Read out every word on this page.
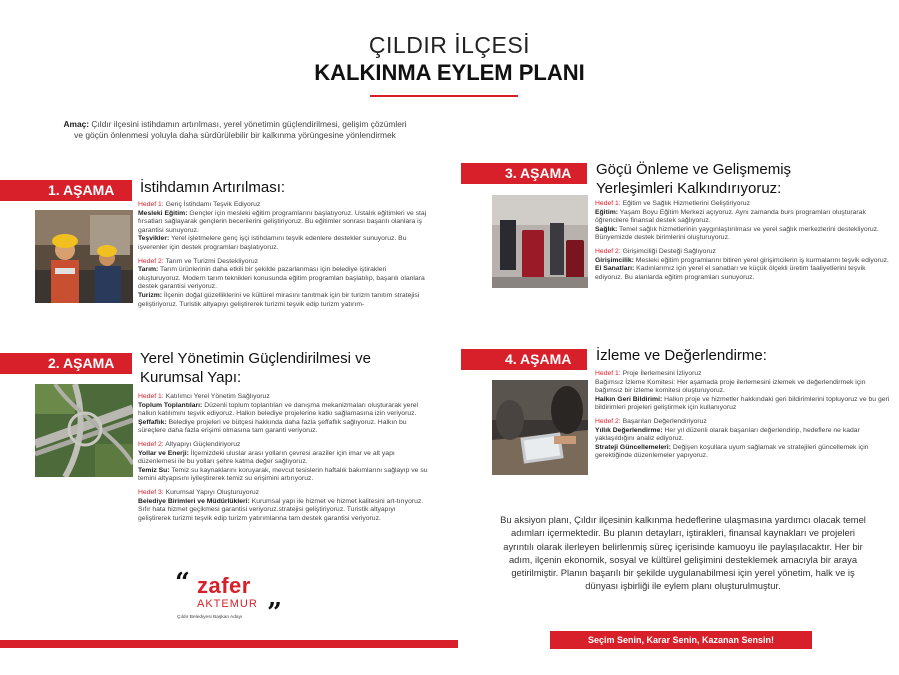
ÇILDIR İLÇESİ
KALKINMA EYLEM PLANI
Amaç: Çıldır ilçesini istihdamın artırılması, yerel yönetimin güçlendirilmesi, gelişim çözümleri
ve göçün önlenmesi yoluyla daha sürdürülebilir bir kalkınma yörüngesine yönlendirmek
1. AŞAMA	İstihdamın Artırılması:

Hedef 1: Genç İstihdamı Teşvik Ediyoruz
Mesleki Eğitim: Gençler için mesleki eğitim programlarını başlatıyoruz. Ustalık eğitimleri ve staj fırsatları sağlayarak gençlerin becerilerini geliştiriyoruz. Bu eğitimler sonrası başarılı olanlara iş garantisi sunuyoruz.
Teşvikler: Yerel işletmelere genç işçi istihdamını teşvik edenlere destekler sunuyoruz. Bu işverenler için destek programları başlatıyoruz.

Hedef 2: Tarım ve Turizmi Destekliyoruz
Tarım: Tarım ürünlerinin daha etkili bir şekilde pazarlanması için belediye iştirakleri oluşturuyoruz. Modern tarım teknikleri konusunda eğitim programları başlatılıp, başarılı olanlara destek garantisi veriyoruz.
Turizm: İlçenin doğal güzelliklerini ve kültürel mirasını tanıtmak için bir turizm tanıtım stratejisi geliştiriyoruz. Turistik altyapıyı geliştirerek turizmi teşvik edip turizm yatırım-

2. AŞAMA	Yerel Yönetimin Güçlendirilmesi ve
Kurumsal Yapı:

Hedef 1: Katılımcı Yerel Yönetim Sağlıyoruz
Toplum Toplantıları: Düzenli toplum toplantıları ve danışma mekanizmaları oluşturarak yerel halkın katılımını teşvik ediyoruz. Halkın belediye projelerine katkı sağlamasına izin veriyoruz.
Şeffaflık: Belediye projeleri ve bütçesi hakkında daha fazla şeffaflık sağlıyoruz. Halkın bu süreçlere daha fazla erişimi olmasına tam garanti veriyoruz.

Hedef 2: Altyapıyı Güçlendiriyoruz
Yollar ve Enerji: İlçemizdeki uluslar arası yolların çevresi araziler için imar ve alt yapı düzenlemesi ile bu yolları şehre katma değer sağlıyoruz.
Temiz Su: Temiz su kaynaklarını koruyarak, mevcut tesislerin haftalık bakımlarını sağlayıp ve su temini altyapısını iyileştirerek temiz su erişimini artırıyoruz.

Hedef 3: Kurumsal Yapıyı Oluşturuyoruz
Belediye Birimleri ve Müdürlükleri: Kurumsal yapı ile hizmet ve hizmet kalitesini art-tırıyoruz. Sıfır hata hizmet geçikmesi garantisi veriyoruz.stratejisi geliştiriyoruz. Turistik altyapıyı geliştirerek turizmi teşvik edip turizm yatırımlarına tam destek garantisi veriyoruz.

“ zafer
AKTEMUR
Çıldır Belediyesi Başkan Adayı ”
3. AŞAMA	Göçü Önleme ve Gelişmemiş
Yerleşimleri Kalkındırıyoruz:

Hedef 1: Eğitim ve Sağlık Hizmetlerini Geliştiriyoruz
Eğitim: Yaşam Boyu Eğitim Merkezi açıyoruz. Aynı zamanda burs programları oluşturarak öğrencilere finansal destek sağlıyoruz.
Sağlık: Temel sağlık hizmetlerinin yaygınlaştırılması ve yerel sağlık merkezlerini destekliyoruz. Bünyemizde destek birimlerini oluşturuyoruz.

Hedef 2: Girişimciliği Desteği Sağlıyoruz
Girişimcilik: Mesleki eğitim programlarını bitiren yerel girişimcilerin iş kurmalarını teşvik ediyoruz.
El Sanatları: Kadınlarımız için yerel el sanatları ve küçük ölçekli üretim faaliyetlerini teşvik ediyoruz. Bu alanlarda eğitim programları sunuyoruz.

4. AŞAMA	İzleme ve Değerlendirme:

Hedef 1: Proje İlerlemesini İzliyoruz
Bağımsız İzleme Komitesi: Her aşamada proje ilerlemesini izlemek ve değerlendirmek için bağımsız bir izleme komitesi oluşturuyoruz.
Halkın Geri Bildirimi: Halkın proje ve hizmetler hakkındaki geri bildirimlerini topluyoruz ve bu geri bildirimleri projeleri geliştirmek için kullanıyoruz

Hedef 2: Başarıları Değerlendiriyoruz
Yıllık Değerlendirme: Her yıl düzenli olarak başarıları değerlendirip, hedeflere ne kadar yaklaşıldığını analiz ediyoruz.
Strateji Güncellemeleri: Değişen koşullara uyum sağlamak ve stratejileri güncellemek için gerektiğinde düzenlemeler yapıyoruz.

Bu aksiyon planı, Çıldır ilçesinin kalkınma hedeflerine ulaşmasına yardımcı olacak temel adımları içermektedir. Bu planın detayları, iştirakleri, finansal kaynakları ve projeleri ayrıntılı olarak ilerleyen belirlenmiş süreç içerisinde kamuoyu ile paylaşılacaktır. Her bir adım, ilçenin ekonomik, sosyal ve kültürel gelişimini desteklemek amacıyla bir araya getirilmiştir. Planın başarılı bir şekilde uygulanabilmesi için yerel yönetim, halk ve iş dünyası işbirliği ile eylem planı oluşturulmuştur.
Seçim Senin, Karar Senin, Kazanan Sensin!
